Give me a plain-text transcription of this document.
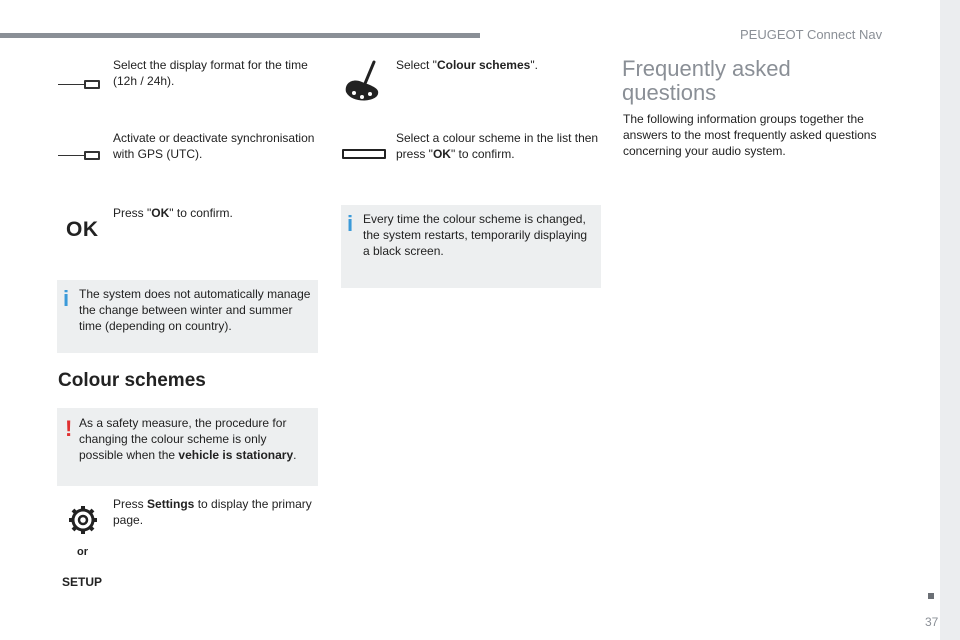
PEUGEOT Connect Nav
37
Select the display format for the time (12h / 24h).
Activate or deactivate synchronisation with GPS (UTC).
OK
Press "OK" to confirm.
i The system does not automatically manage the change between winter and summer time (depending on country).
Colour schemes
! As a safety measure, the procedure for changing the colour scheme is only possible when the vehicle is stationary.
Press Settings to display the primary page.
or
SETUP
Select "Colour schemes".
Select a colour scheme in the list then press "OK" to confirm.
i Every time the colour scheme is changed, the system restarts, temporarily displaying a black screen.
Frequently asked questions
The following information groups together the answers to the most frequently asked questions concerning your audio system.
